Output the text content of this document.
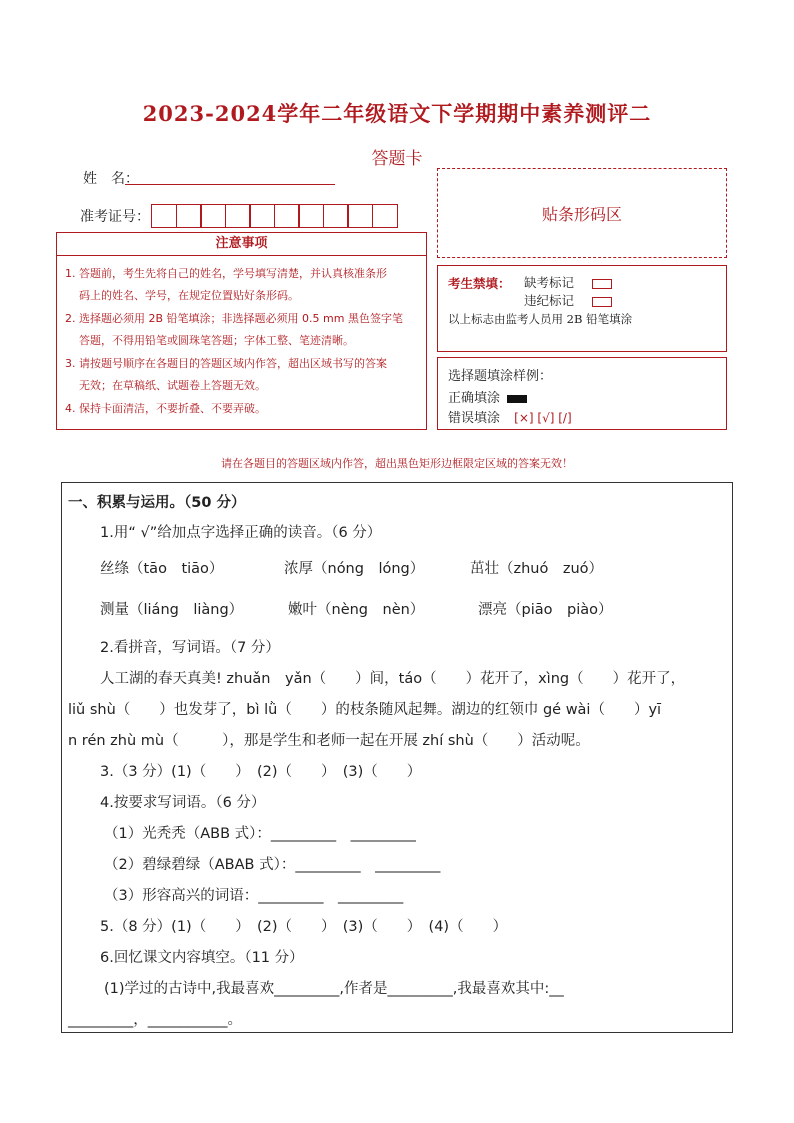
2023-2024学年二年级语文下学期期中素养测评二
答题卡
姓　名：
准考证号：	贴条形码区
注意事项
1. 答题前，考生先将自己的姓名，学号填写清楚，并认真核准条形
码上的姓名、学号，在规定位置贴好条形码。
2. 选择题必须用 2B 铅笔填涂；非选择题必须用 0.5 mm 黑色签字笔
答题，不得用铅笔或圆珠笔答题；字体工整、笔迹清晰。
3. 请按题号顺序在各题目的答题区域内作答，超出区域书写的答案
无效；在草稿纸、试题卷上答题无效。
4. 保持卡面清洁，不要折叠、不要弄破。
考生禁填： 缺考标记
违纪标记
以上标志由监考人员用 2B 铅笔填涂
选择题填涂样例：
正确填涂
错误填涂 [×] [√] [/]
请在各题目的答题区域内作答，超出黑色矩形边框限定区域的答案无效！
一、积累与运用。（50 分）
1.用“ √”给加点字选择正确的读音。（6 分）
丝绦（tāo　tiāo）	浓厚（nóng　lóng）	茁壮（zhuó　zuó）
测量（liáng　liàng）	嫩叶（nèng　nèn）	漂亮（piāo　piào）
2.看拼音，写词语。（7 分）
人工湖的春天真美! zhuǎn　yǎn（　　）间，táo（　　）花开了，xìng（　　）花开了，
liǔ shù（　　）也发芽了，bì lǜ（　　）的枝条随风起舞。湖边的红领巾 gé wài（　　）yī
n rén zhù mù（　　　），那是学生和老师一起在开展 zhí shù（　　）活动呢。
3.（3 分）(1)（　　）　(2)（　　）　(3)（　　）
4.按要求写词语。（6 分）
（1）光秃秃（ABB 式）：_________　_________
（2）碧绿碧绿（ABAB 式）：_________　_________
（3）形容高兴的词语：_________　_________
5.（8 分）(1)（　　）　(2)（　　）　(3)（　　）　(4)（　　）
6.回忆课文内容填空。（11 分）
(1)学过的古诗中,我最喜欢_________,作者是_________,我最喜欢其中:__
_________，___________。
